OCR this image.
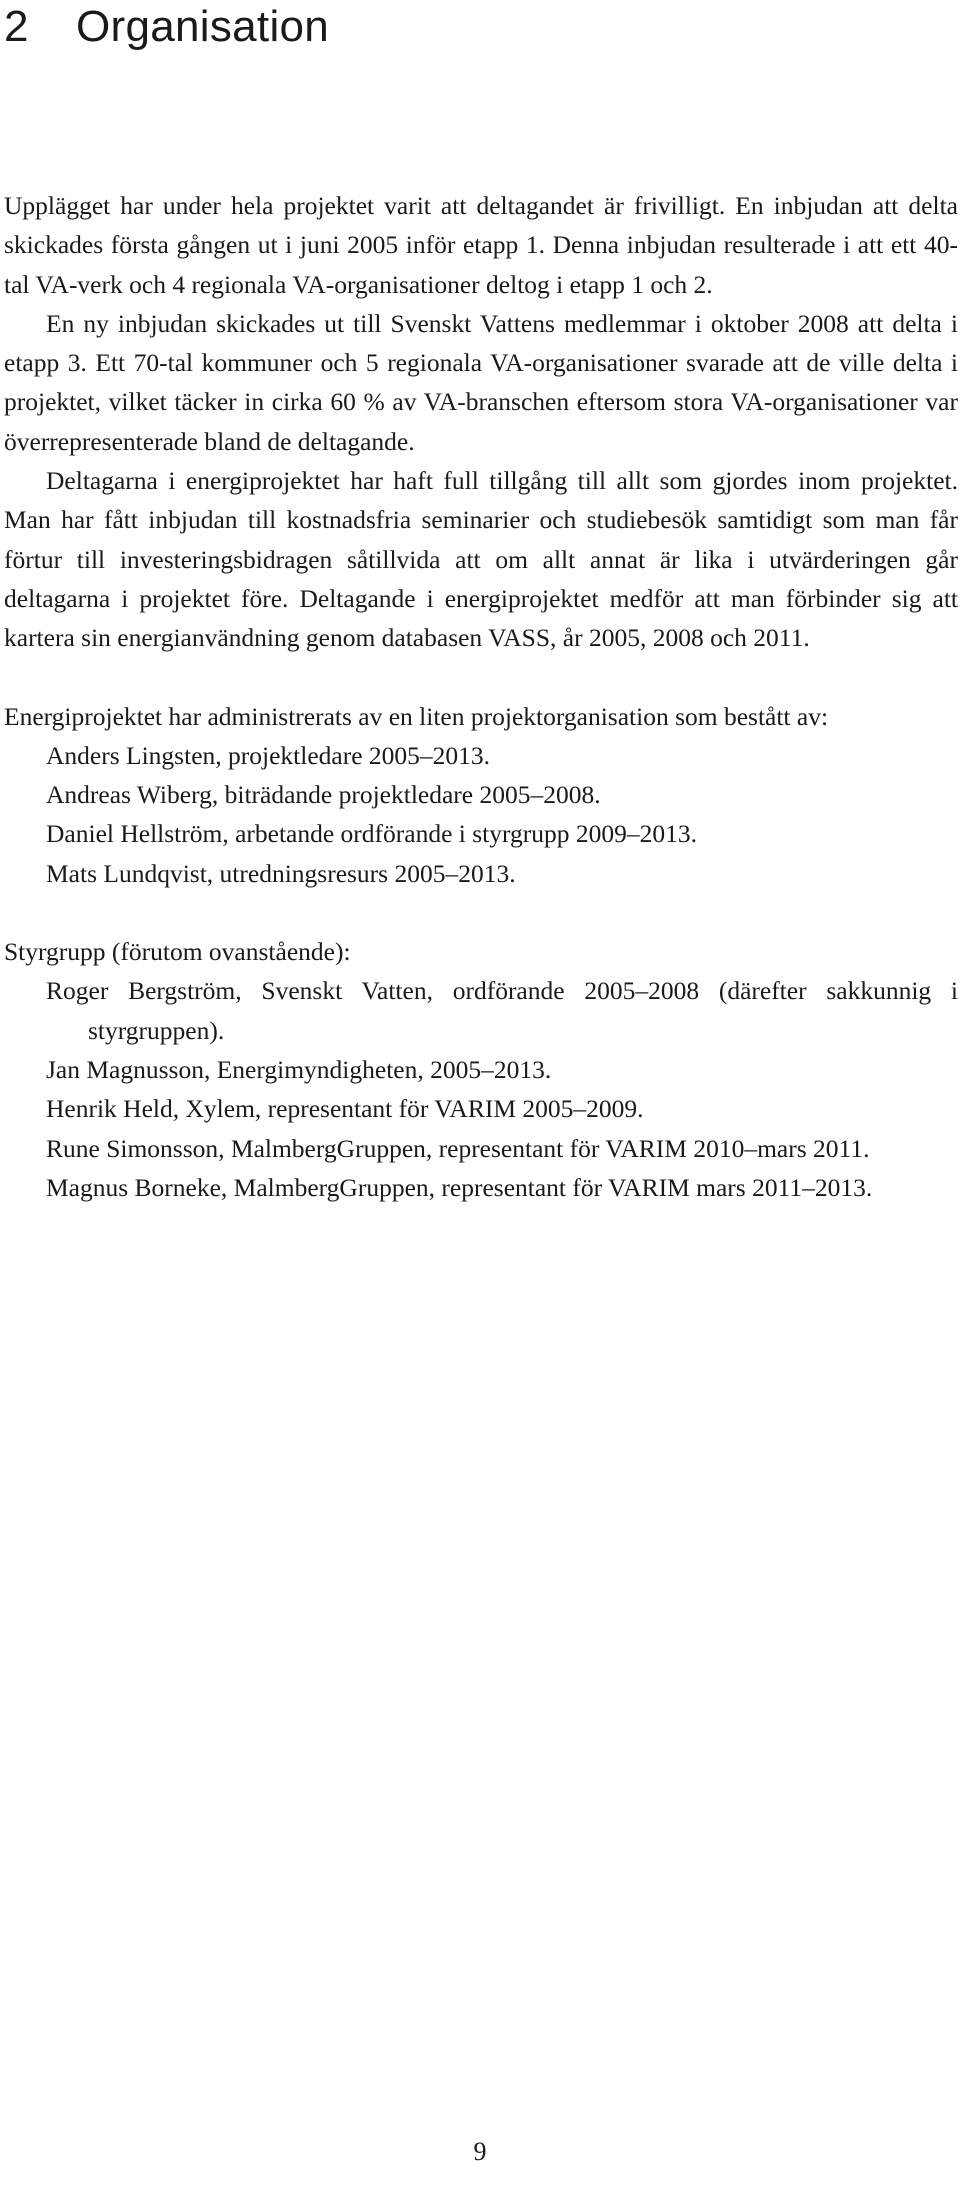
2 Organisation

Upplägget har under hela projektet varit att deltagandet är frivilligt. En inbjudan att delta skickades första gången ut i juni 2005 inför etapp 1. Denna inbjudan resulterade i att ett 40-tal VA-verk och 4 regionala VA-organisationer deltog i etapp 1 och 2.

En ny inbjudan skickades ut till Svenskt Vattens medlemmar i oktober 2008 att delta i etapp 3. Ett 70-tal kommuner och 5 regionala VA-organisationer svarade att de ville delta i projektet, vilket täcker in cirka 60 % av VA-branschen eftersom stora VA-organisationer var överrepresenterade bland de deltagande.

Deltagarna i energiprojektet har haft full tillgång till allt som gjordes inom projektet. Man har fått inbjudan till kostnadsfria seminarier och studiebesök samtidigt som man får förtur till investeringsbidragen såtillvida att om allt annat är lika i utvärderingen går deltagarna i projektet före. Deltagande i energiprojektet medför att man förbinder sig att kartera sin energianvändning genom databasen VASS, år 2005, 2008 och 2011.

Energiprojektet har administrerats av en liten projektorganisation som bestått av:

Anders Lingsten, projektledare 2005–2013.
Andreas Wiberg, biträdande projektledare 2005–2008.
Daniel Hellström, arbetande ordförande i styrgrupp 2009–2013.
Mats Lundqvist, utredningsresurs 2005–2013.

Styrgrupp (förutom ovanstående):

Roger Bergström, Svenskt Vatten, ordförande 2005–2008 (därefter sakkunnig i styrgruppen).
Jan Magnusson, Energimyndigheten, 2005–2013.
Henrik Held, Xylem, representant för VARIM 2005–2009.
Rune Simonsson, MalmbergGruppen, representant för VARIM 2010–mars 2011.
Magnus Borneke, MalmbergGruppen, representant för VARIM mars 2011–2013.
9
